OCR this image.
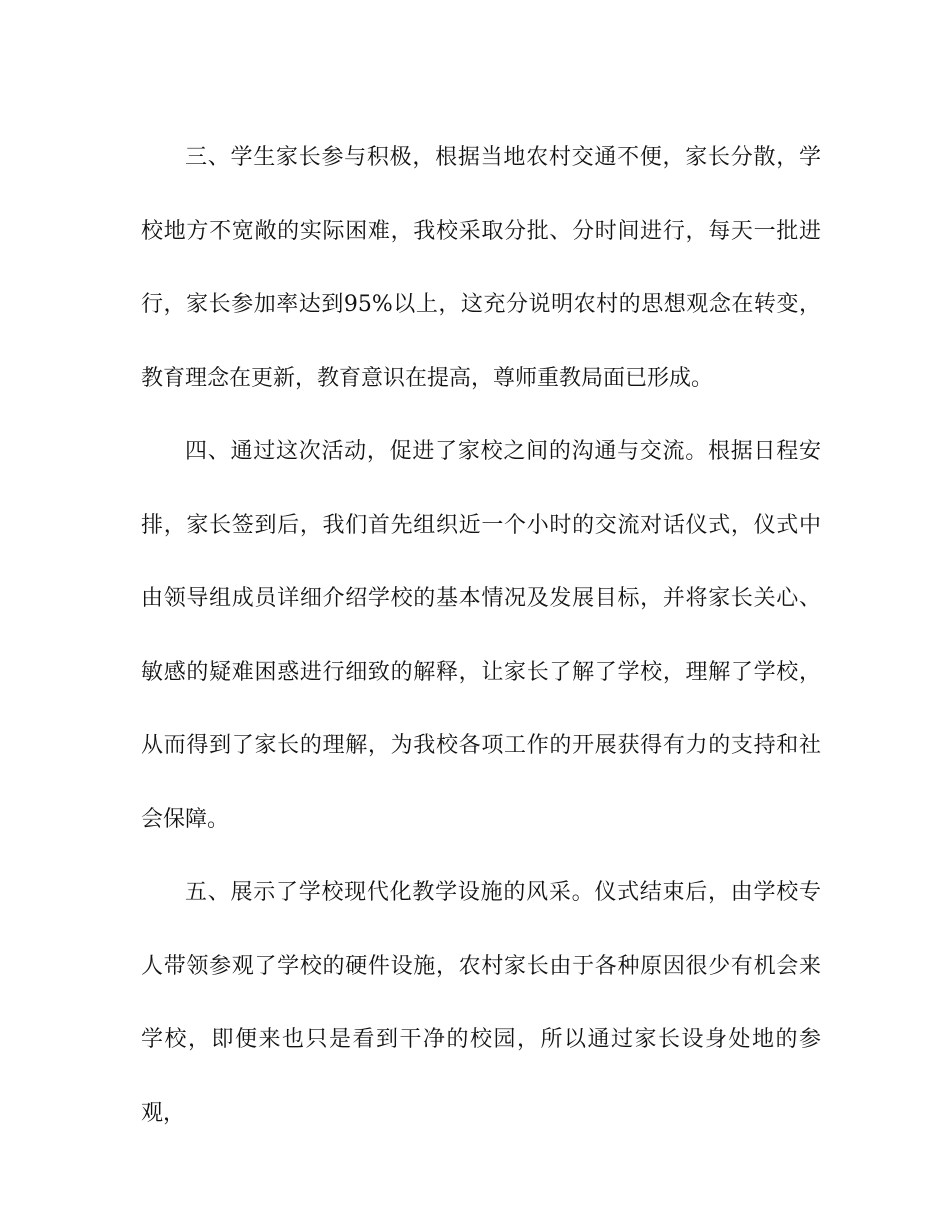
三、学生家长参与积极，根据当地农村交通不便，家长分散，学校地方不宽敞的实际困难，我校采取分批、分时间进行，每天一批进行，家长参加率达到95%以上，这充分说明农村的思想观念在转变，教育理念在更新，教育意识在提高，尊师重教局面已形成。

四、通过这次活动，促进了家校之间的沟通与交流。根据日程安排，家长签到后，我们首先组织近一个小时的交流对话仪式，仪式中由领导组成员详细介绍学校的基本情况及发展目标，并将家长关心、敏感的疑难困惑进行细致的解释，让家长了解了学校，理解了学校，从而得到了家长的理解，为我校各项工作的开展获得有力的支持和社会保障。

五、展示了学校现代化教学设施的风采。仪式结束后，由学校专人带领参观了学校的硬件设施，农村家长由于各种原因很少有机会来学校，即便来也只是看到干净的校园，所以通过家长设身处地的参观，
